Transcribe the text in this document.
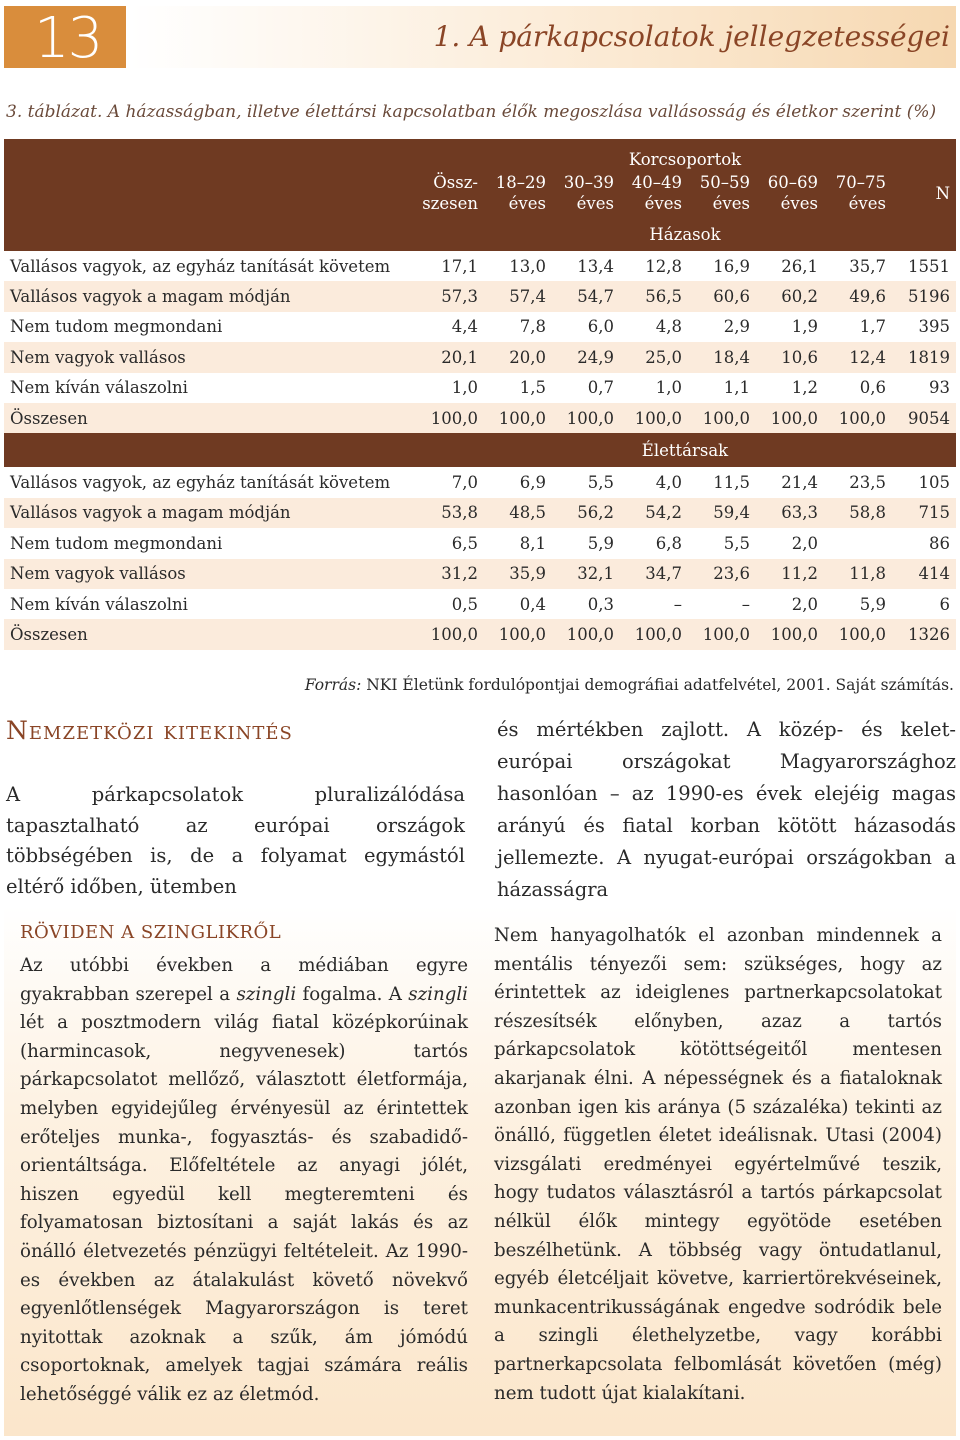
13	1. A párkapcsolatok jellegzetességei
3. táblázat. A házasságban, illetve élettársi kapcsolatban élők megoszlása vallásosság és életkor szerint (%)
		Korcsoportok						
	Össz-
szesen	18–29
éves	30–39
éves	40–49
éves	50–59
éves	60–69
éves	70–75
éves	N
		Házasok						
Vallásos vagyok, az egyház tanítását követem	17,1	13,0	13,4	12,8	16,9	26,1	35,7	1551
Vallásos vagyok a magam módján	57,3	57,4	54,7	56,5	60,6	60,2	49,6	5196
Nem tudom megmondani	4,4	7,8	6,0	4,8	2,9	1,9	1,7	395
Nem vagyok vallásos	20,1	20,0	24,9	25,0	18,4	10,6	12,4	1819
Nem kíván válaszolni	1,0	1,5	0,7	1,0	1,1	1,2	0,6	93
Összesen	100,0	100,0	100,0	100,0	100,0	100,0	100,0	9054
		Élettársak						
Vallásos vagyok, az egyház tanítását követem	7,0	6,9	5,5	4,0	11,5	21,4	23,5	105
Vallásos vagyok a magam módján	53,8	48,5	56,2	54,2	59,4	63,3	58,8	715
Nem tudom megmondani	6,5	8,1	5,9	6,8	5,5	2,0		86
Nem vagyok vallásos	31,2	35,9	32,1	34,7	23,6	11,2	11,8	414
Nem kíván válaszolni	0,5	0,4	0,3	–	–	2,0	5,9	6
Összesen	100,0	100,0	100,0	100,0	100,0	100,0	100,0	1326
Forrás: NKI Életünk fordulópontjai demográfiai adatfelvétel, 2001. Saját számítás.
Nemzetközi kitekintés

A párkapcsolatok pluralizálódása tapasztalható az európai országok többségében is, de a folyamat egymástól eltérő időben, ütemben

és mértékben zajlott. A közép- és kelet-európai országokat Magyarországhoz hasonlóan – az 1990-es évek elejéig magas arányú és fiatal korban kötött házasodás jellemezte. A nyugat-európai országokban a házasságra

RÖVIDEN A SZINGLIKRŐL

Az utóbbi években a médiában egyre gyakrabban szerepel a szingli fogalma. A szingli lét a posztmodern világ fiatal középkorúinak (harmincasok, negyvenesek) tartós párkapcsolatot mellőző, választott életformája, melyben egyidejűleg érvényesül az érintettek erőteljes munka-, fogyasztás- és szabadidő-orientáltsága. Előfeltétele az anyagi jólét, hiszen egyedül kell megteremteni és folyamatosan biztosítani a saját lakás és az önálló életvezetés pénzügyi feltételeit. Az 1990-es években az átalakulást követő növekvő egyenlőtlenségek Magyarországon is teret nyitottak azoknak a szűk, ám jómódú csoportoknak, amelyek tagjai számára reális lehetőséggé válik ez az életmód.

Nem hanyagolhatók el azonban mindennek a mentális tényezői sem: szükséges, hogy az érintettek az ideiglenes partnerkapcsolatokat részesítsék előnyben, azaz a tartós párkapcsolatok kötöttségeitől mentesen akarjanak élni. A népességnek és a fiataloknak azonban igen kis aránya (5 százaléka) tekinti az önálló, független életet ideálisnak. Utasi (2004) vizsgálati eredményei egyértelművé teszik, hogy tudatos választásról a tartós párkapcsolat nélkül élők mintegy egyötöde esetében beszélhetünk. A többség vagy öntudatlanul, egyéb életcéljait követve, karriertörekvéseinek, munkacentrikusságának engedve sodródik bele a szingli élethelyzetbe, vagy korábbi partnerkapcsolata felbomlását követően (még) nem tudott újat kialakítani.
